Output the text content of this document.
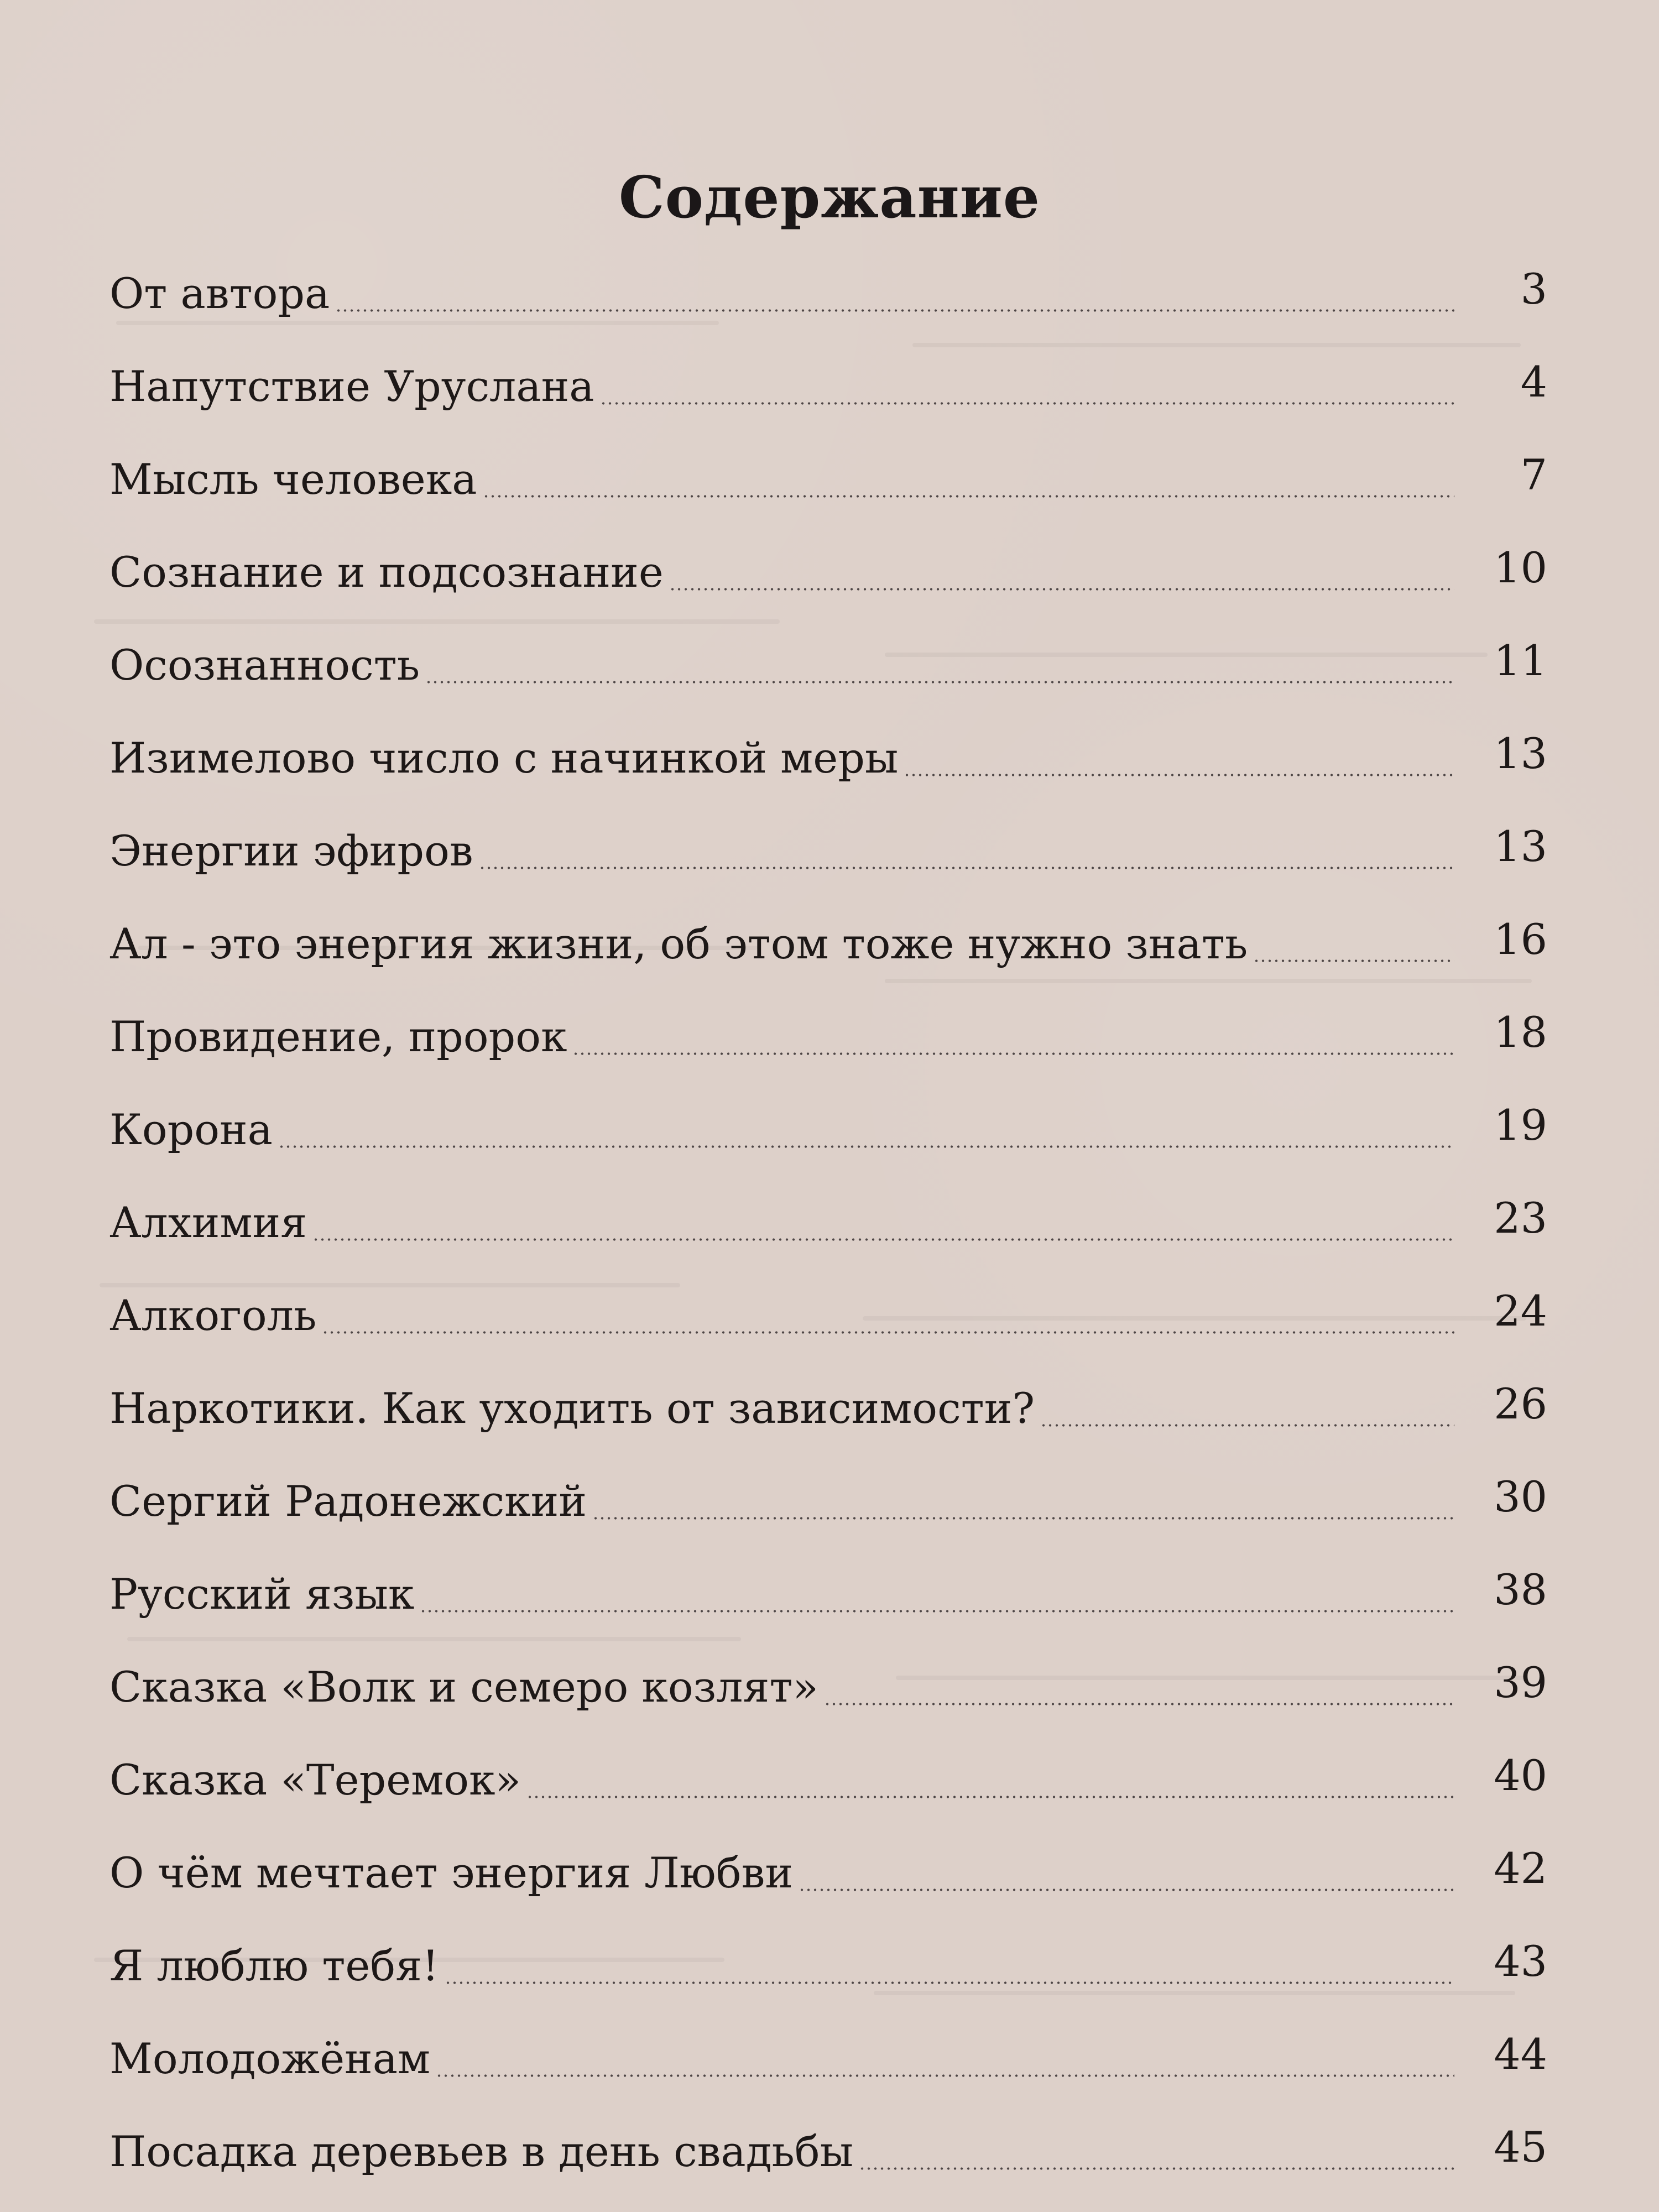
Содержание
От автора	3
Напутствие Уруслана	4
Мысль человека	7
Сознание и подсознание	10
Осознанность	11
Изимелово число с начинкой меры	13
Энергии эфиров	13
Ал - это энергия жизни, об этом тоже нужно знать	16
Провидение, пророк	18
Корона	19
Алхимия	23
Алкоголь	24
Наркотики. Как уходить от зависимости?	26
Сергий Радонежский	30
Русский язык	38
Сказка «Волк и семеро козлят»	39
Сказка «Теремок»	40
О чём мечтает энергия Любви	42
Я люблю тебя!	43
Молодожёнам	44
Посадка деревьев в день свадьбы	45
